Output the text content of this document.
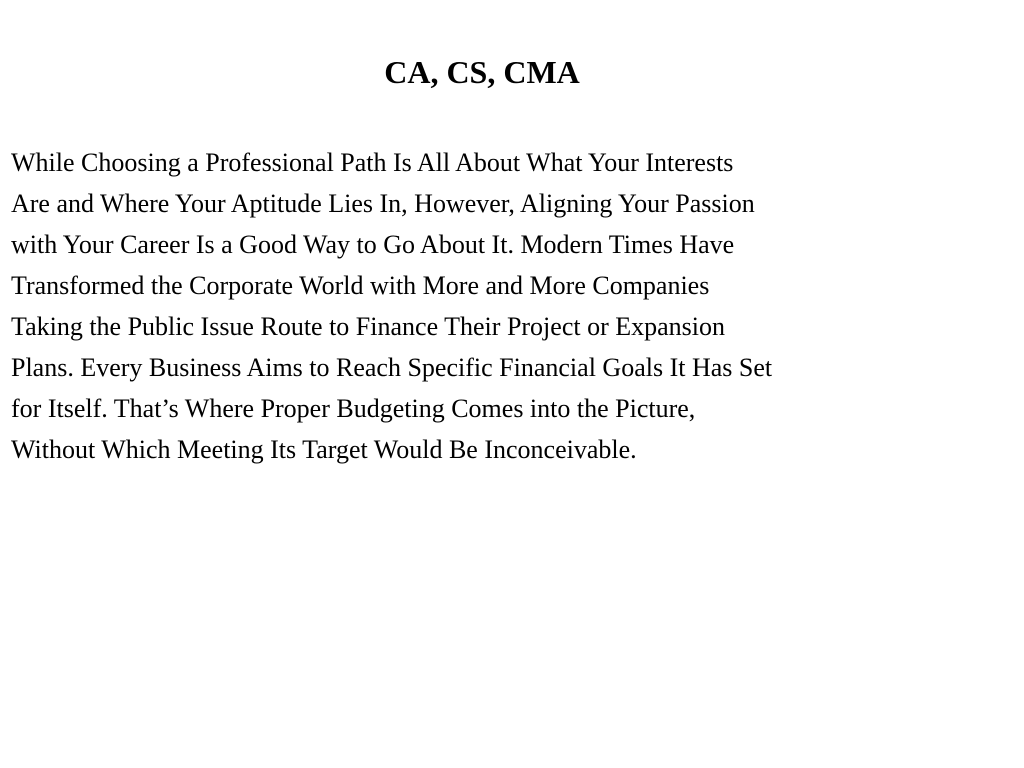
CA, CS, CMA

While Choosing a Professional Path Is All About What Your Interests
Are and Where Your Aptitude Lies In, However, Aligning Your Passion
with Your Career Is a Good Way to Go About It. Modern Times Have
Transformed the Corporate World with More and More Companies
Taking the Public Issue Route to Finance Their Project or Expansion
Plans. Every Business Aims to Reach Specific Financial Goals It Has Set
for Itself. That’s Where Proper Budgeting Comes into the Picture,
Without Which Meeting Its Target Would Be Inconceivable.
